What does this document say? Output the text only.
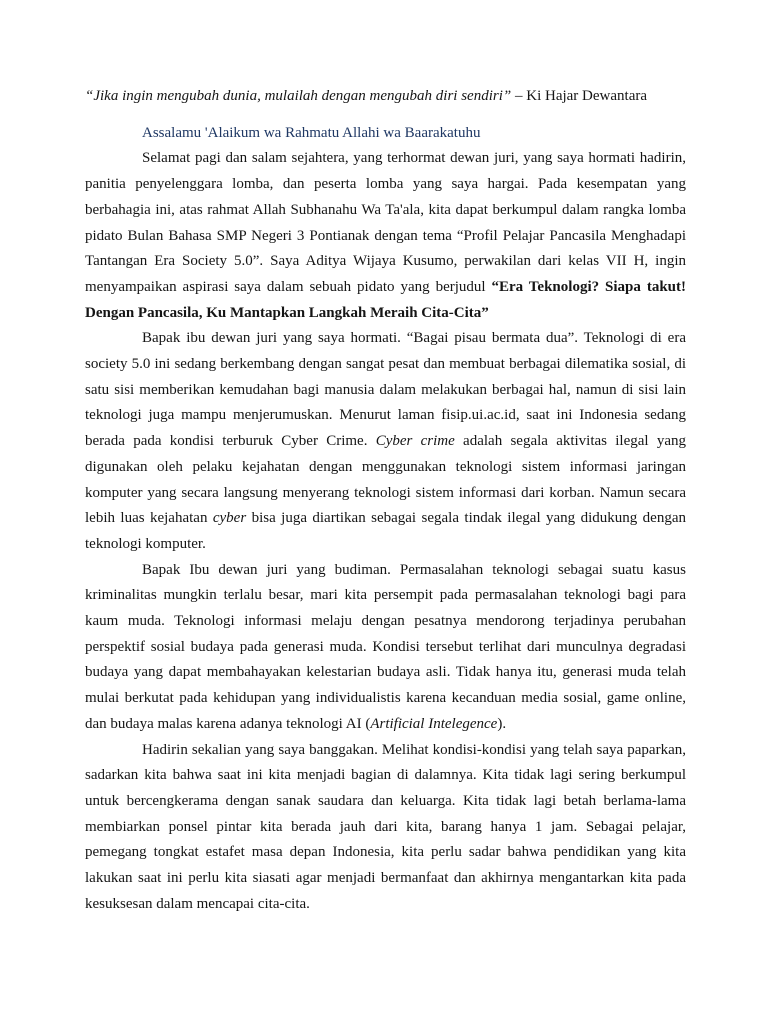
“Jika ingin mengubah dunia, mulailah dengan mengubah diri sendiri” – Ki Hajar Dewantara

Assalamu 'Alaikum wa Rahmatu Allahi wa Baarakatuhu

Selamat pagi dan salam sejahtera, yang terhormat dewan juri, yang saya hormati hadirin, panitia penyelenggara lomba, dan peserta lomba yang saya hargai. Pada kesempatan yang berbahagia ini, atas rahmat Allah Subhanahu Wa Ta'ala, kita dapat berkumpul dalam rangka lomba pidato Bulan Bahasa SMP Negeri 3 Pontianak dengan tema “Profil Pelajar Pancasila Menghadapi Tantangan Era Society 5.0”. Saya Aditya Wijaya Kusumo, perwakilan dari kelas VII H, ingin menyampaikan aspirasi saya dalam sebuah pidato yang berjudul “Era Teknologi? Siapa takut! Dengan Pancasila, Ku Mantapkan Langkah Meraih Cita-Cita”

Bapak ibu dewan juri yang saya hormati. “Bagai pisau bermata dua”. Teknologi di era society 5.0 ini sedang berkembang dengan sangat pesat dan membuat berbagai dilematika sosial, di satu sisi memberikan kemudahan bagi manusia dalam melakukan berbagai hal, namun di sisi lain teknologi juga mampu menjerumuskan. Menurut laman fisip.ui.ac.id, saat ini Indonesia sedang berada pada kondisi terburuk Cyber Crime. Cyber crime adalah segala aktivitas ilegal yang digunakan oleh pelaku kejahatan dengan menggunakan teknologi sistem informasi jaringan komputer yang secara langsung menyerang teknologi sistem informasi dari korban. Namun secara lebih luas kejahatan cyber bisa juga diartikan sebagai segala tindak ilegal yang didukung dengan teknologi komputer.

Bapak Ibu dewan juri yang budiman. Permasalahan teknologi sebagai suatu kasus kriminalitas mungkin terlalu besar, mari kita persempit pada permasalahan teknologi bagi para kaum muda. Teknologi informasi melaju dengan pesatnya mendorong terjadinya perubahan perspektif sosial budaya pada generasi muda. Kondisi tersebut terlihat dari munculnya degradasi budaya yang dapat membahayakan kelestarian budaya asli. Tidak hanya itu, generasi muda telah mulai berkutat pada kehidupan yang individualistis karena kecanduan media sosial, game online, dan budaya malas karena adanya teknologi AI (Artificial Intelegence).

Hadirin sekalian yang saya banggakan. Melihat kondisi-kondisi yang telah saya paparkan, sadarkan kita bahwa saat ini kita menjadi bagian di dalamnya. Kita tidak lagi sering berkumpul untuk bercengkerama dengan sanak saudara dan keluarga. Kita tidak lagi betah berlama-lama membiarkan ponsel pintar kita berada jauh dari kita, barang hanya 1 jam. Sebagai pelajar, pemegang tongkat estafet masa depan Indonesia, kita perlu sadar bahwa pendidikan yang kita lakukan saat ini perlu kita siasati agar menjadi bermanfaat dan akhirnya mengantarkan kita pada kesuksesan dalam mencapai cita-cita.
